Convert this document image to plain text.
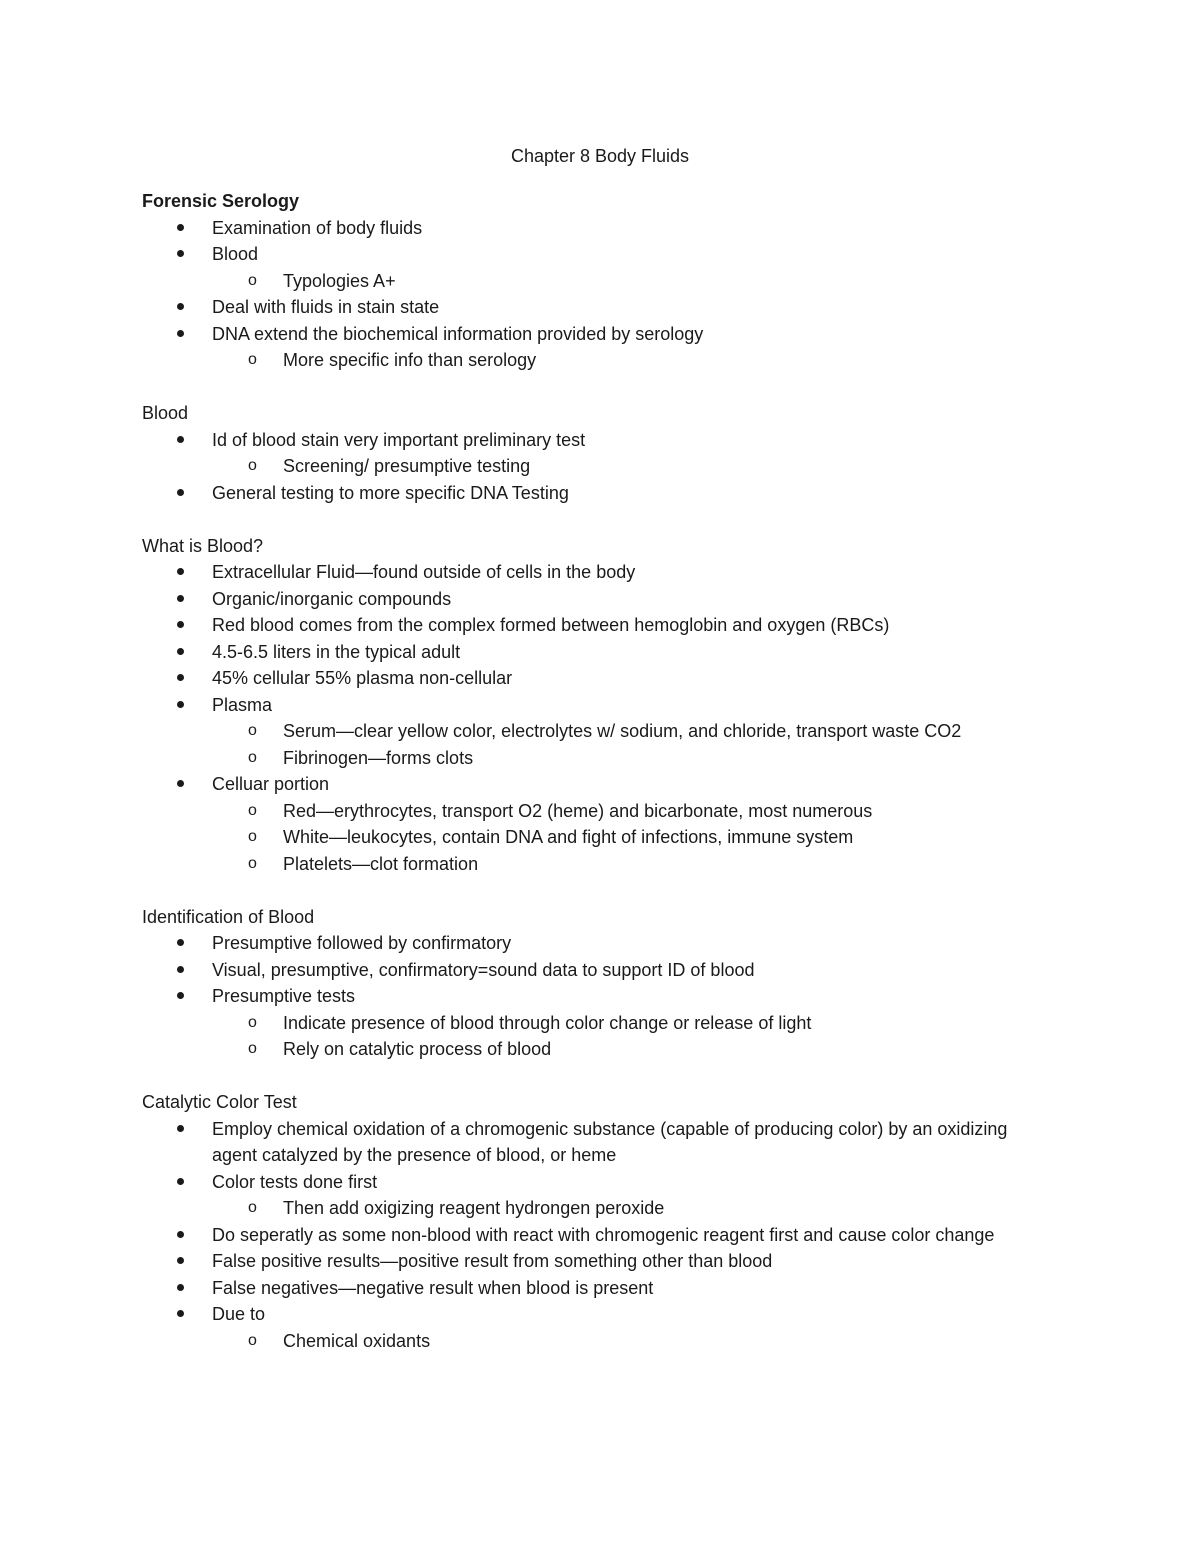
Chapter 8 Body Fluids
Forensic Serology
Examination of body fluids
Blood
o Typologies A+
Deal with fluids in stain state
DNA extend the biochemical information provided by serology
o More specific info than serology
Blood
Id of blood stain very important preliminary test
o Screening/ presumptive testing
General testing to more specific DNA Testing
What is Blood?
Extracellular Fluid—found outside of cells in the body
Organic/inorganic compounds
Red blood comes from the complex formed between hemoglobin and oxygen (RBCs)
4.5-6.5 liters in the typical adult
45% cellular 55% plasma non-cellular
Plasma
o Serum—clear yellow color, electrolytes w/ sodium, and chloride, transport waste CO2
o Fibrinogen—forms clots
Celluar portion
o Red—erythrocytes, transport O2 (heme) and bicarbonate, most numerous
o White—leukocytes, contain DNA and fight of infections, immune system
o Platelets—clot formation
Identification of Blood
Presumptive followed by confirmatory
Visual, presumptive, confirmatory=sound data to support ID of blood
Presumptive tests
o Indicate presence of blood through color change or release of light
o Rely on catalytic process of blood
Catalytic Color Test
Employ chemical oxidation of a chromogenic substance (capable of producing color) by an oxidizing agent catalyzed by the presence of blood, or heme
Color tests done first
o Then add oxigizing reagent hydrongen peroxide
Do seperatly as some non-blood with react with chromogenic reagent first and cause color change
False positive results—positive result from something other than blood
False negatives—negative result when blood is present
Due to
o Chemical oxidants
